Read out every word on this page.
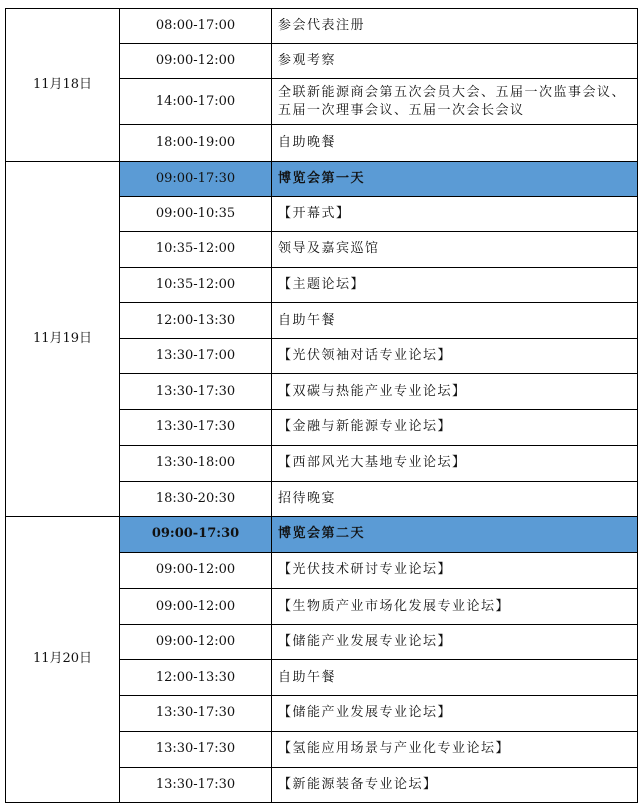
11月18日	08:00-17:00	参会代表注册
	09:00-12:00	参观考察
	14:00-17:00	全联新能源商会第五次会员大会、五届一次监事会议、五届一次理事会议、五届一次会长会议
	18:00-19:00	自助晚餐
11月19日	09:00-17:30	博览会第一天
	09:00-10:35	【开幕式】
	10:35-12:00	领导及嘉宾巡馆
	10:35-12:00	【主题论坛】
	12:00-13:30	自助午餐
	13:30-17:00	【光伏领袖对话专业论坛】
	13:30-17:30	【双碳与热能产业专业论坛】
	13:30-17:30	【金融与新能源专业论坛】
	13:30-18:00	【西部风光大基地专业论坛】
	18:30-20:30	招待晚宴
11月20日	09:00-17:30	博览会第二天
	09:00-12:00	【光伏技术研讨专业论坛】
	09:00-12:00	【生物质产业市场化发展专业论坛】
	09:00-12:00	【储能产业发展专业论坛】
	12:00-13:30	自助午餐
	13:30-17:30	【储能产业发展专业论坛】
	13:30-17:30	【氢能应用场景与产业化专业论坛】
	13:30-17:30	【新能源装备专业论坛】
